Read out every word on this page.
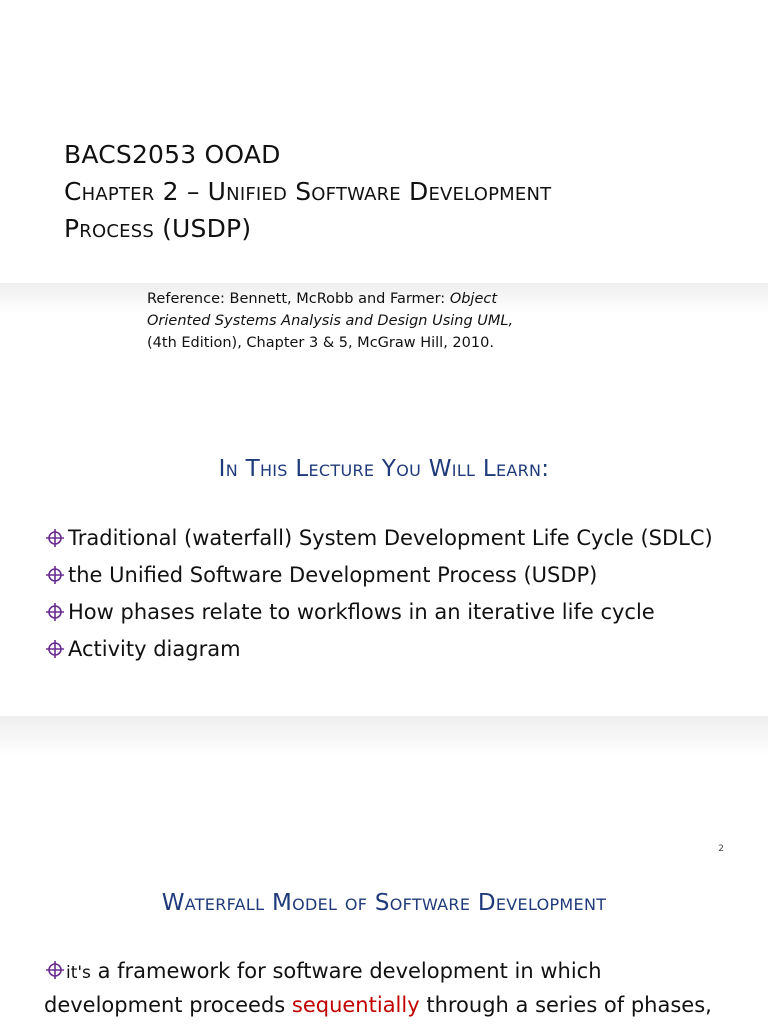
BACS2053 OOAD
Chapter 2 – Unified Software Development
Process (USDP)
Reference: Bennett, McRobb and Farmer: Object Oriented Systems Analysis and Design Using UML,
(4th Edition), Chapter 3 & 5, McGraw Hill, 2010.
In This Lecture You Will Learn:
Traditional (waterfall) System Development Life Cycle (SDLC)
the Unified Software Development Process (USDP)
How phases relate to workflows in an iterative life cycle
Activity diagram
2
Waterfall Model of Software Development
it's a framework for software development in which development proceeds sequentially through a series of phases,
